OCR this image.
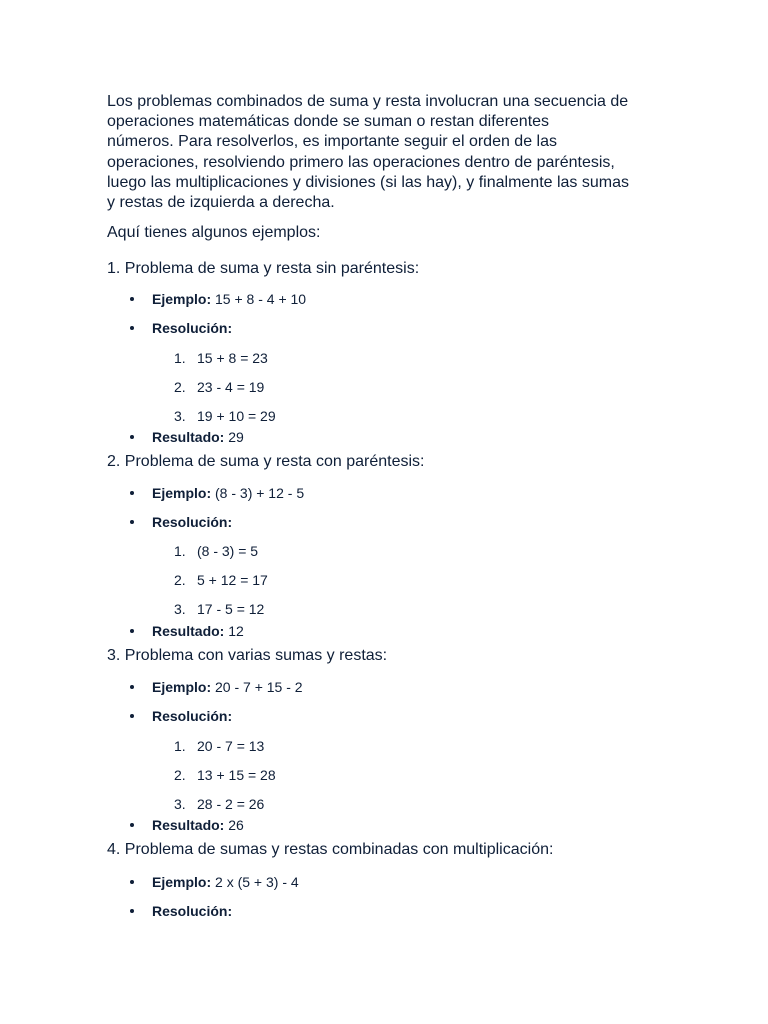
Los problemas combinados de suma y resta involucran una secuencia de
operaciones matemáticas donde se suman o restan diferentes
números. Para resolverlos, es importante seguir el orden de las
operaciones, resolviendo primero las operaciones dentro de paréntesis,
luego las multiplicaciones y divisiones (si las hay), y finalmente las sumas
y restas de izquierda a derecha.

Aquí tienes algunos ejemplos:

1. Problema de suma y resta sin paréntesis:

Ejemplo: 15 + 8 - 4 + 10
Resolución:
1. 15 + 8 = 23
2. 23 - 4 = 19
3. 19 + 10 = 29
Resultado: 29

2. Problema de suma y resta con paréntesis:

Ejemplo: (8 - 3) + 12 - 5
Resolución:
1. (8 - 3) = 5
2. 5 + 12 = 17
3. 17 - 5 = 12
Resultado: 12

3. Problema con varias sumas y restas:

Ejemplo: 20 - 7 + 15 - 2
Resolución:
1. 20 - 7 = 13
2. 13 + 15 = 28
3. 28 - 2 = 26
Resultado: 26

4. Problema de sumas y restas combinadas con multiplicación:

Ejemplo: 2 x (5 + 3) - 4
Resolución:
